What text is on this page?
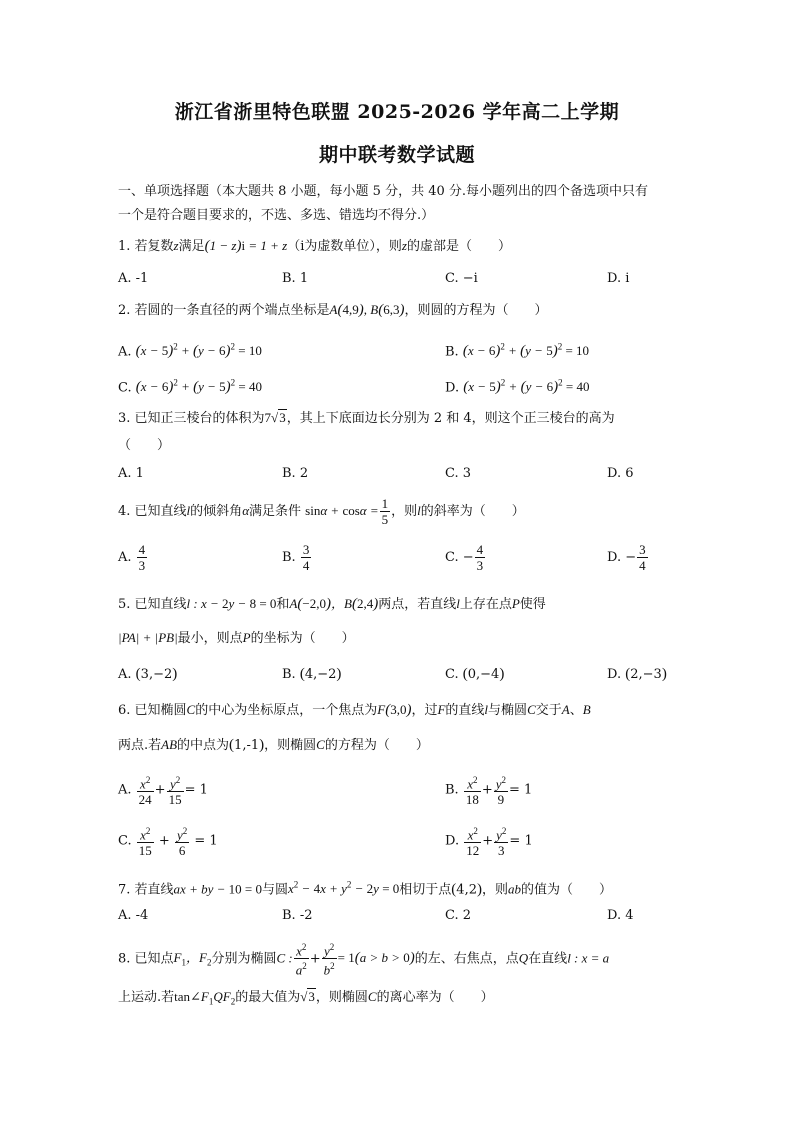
浙江省浙里特色联盟 2025-2026 学年高二上学期
期中联考数学试题
一、单项选择题（本大题共 8 小题，每小题 5 分，共 40 分.每小题列出的四个备选项中只有
一个是符合题目要求的，不选、多选、错选均不得分.）
1. 若复数z满足(1 − z)i = 1 + z（i为虚数单位），则z的虚部是（　　）
A. -1	B. 1	C. −i	D. i
2. 若圆的一条直径的两个端点坐标是A(4,9), B(6,3)，则圆的方程为（　　）
A. $(x - 5)^2 + (y - 6)^2 = 10$	B. $(x - 6)^2 + (y - 5)^2 = 10$
C. $(x - 6)^2 + (y - 5)^2 = 40$	D. $(x - 5)^2 + (y - 6)^2 = 40$
3. 已知正三棱台的体积为7√3，其上下底面边长分别为 2 和 4，则这个正三棱台的高为
（　　）
A. 1	B. 2	C. 3	D. 6
4. 已知直线l的倾斜角α满足条件 $\sin\alpha + \cos\alpha = \frac{1}{5}$ ，则l的斜率为（　　）
A. $\frac{4}{3}$	B. $\frac{3}{4}$	C. − $\frac{4}{3}$	D. − $\frac{3}{4}$
5. 已知直线l : x − 2y − 8 = 0和A(−2,0)，B(2,4)两点，若直线l上存在点P使得
|PA| + |PB|最小，则点P的坐标为（　　）
A. (3,−2)	B. (4,−2)	C. (0,−4)	D. (2,−3)
6. 已知椭圆C的中心为坐标原点，一个焦点为F(3,0)，过F的直线l与椭圆C交于A、B
两点.若AB的中点为(1,-1)，则椭圆C的方程为（　　）
A. $\frac{x^2}{24} + \frac{y^2}{15} = 1$	B. $\frac{x^2}{18} + \frac{y^2}{9} = 1$
C. $\frac{x^2}{15} + \frac{y^2}{6} = 1$	D. $\frac{x^2}{12} + \frac{y^2}{3} = 1$
7. 若直线ax + by − 10 = 0与圆$x^2 - 4x + y^2 - 2y = 0$相切于点(4,2)，则ab的值为（　　）
A. -4	B. -2	C. 2	D. 4
8. 已知点$F_1$，$F_2$分别为椭圆C : $\frac{x^2}{a^2} + \frac{y^2}{b^2} = 1(a > b > 0)$的左、右焦点，点Q在直线l : x = a
上运动.若$\tan\angle F_1QF_2$的最大值为√3，则椭圆C的离心率为（　　）
